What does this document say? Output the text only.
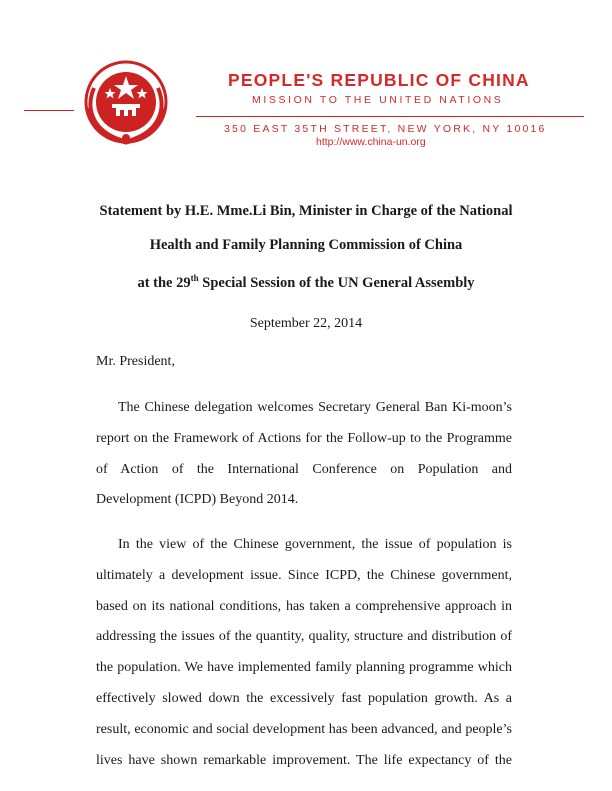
PEOPLE'S REPUBLIC OF CHINA
MISSION TO THE UNITED NATIONS
350 EAST 35TH STREET, NEW YORK, NY 10016
http://www.china-un.org
Statement by H.E. Mme.Li Bin, Minister in Charge of the National
Health and Family Planning Commission of China
at the 29th Special Session of the UN General Assembly
September 22, 2014
Mr. President,
The Chinese delegation welcomes Secretary General Ban Ki-moon’s
report on the Framework of Actions for the Follow-up to the Programme
of Action of the International Conference on Population and
Development (ICPD) Beyond 2014.
In the view of the Chinese government, the issue of population is
ultimately a development issue. Since ICPD, the Chinese government,
based on its national conditions, has taken a comprehensive approach in
addressing the issues of the quantity, quality, structure and distribution of
the population. We have implemented family planning programme which
effectively slowed down the excessively fast population growth. As a
result, economic and social development has been advanced, and people’s
lives have shown remarkable improvement. The life expectancy of the
